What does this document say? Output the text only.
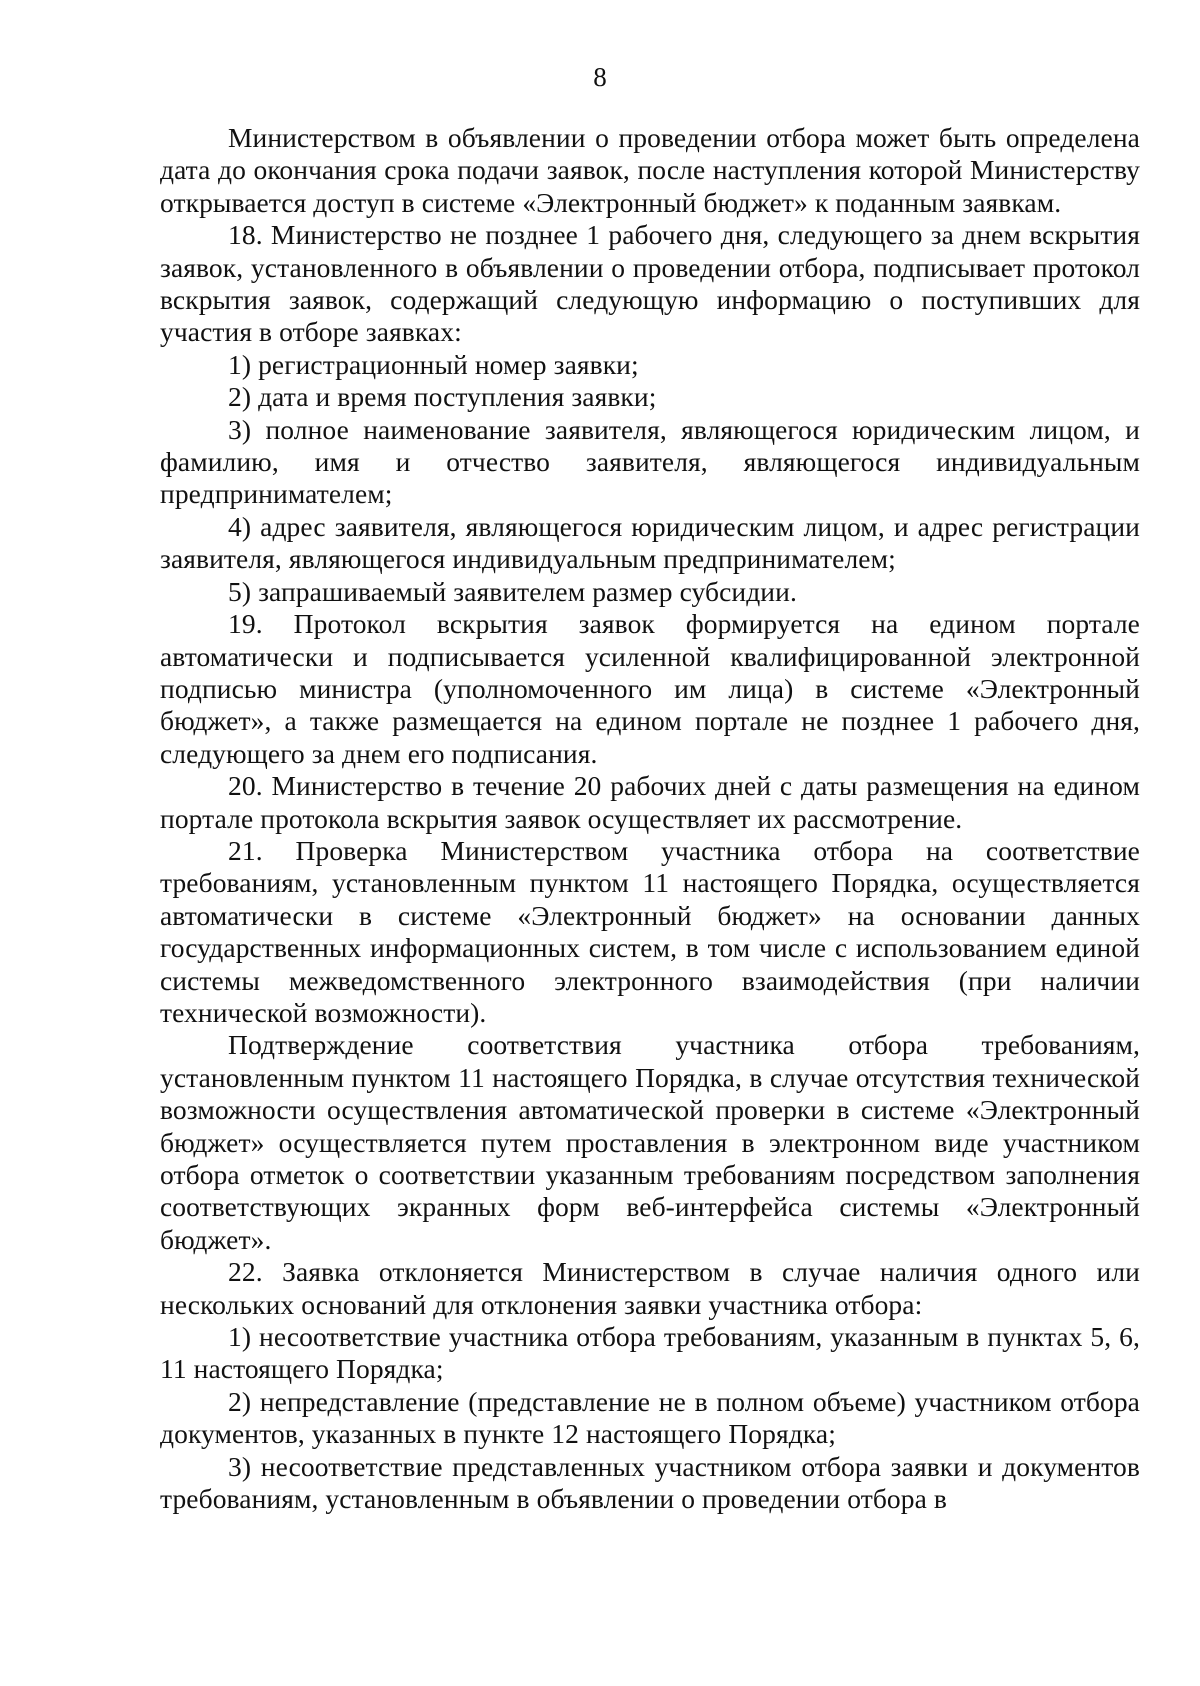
8

Министерством в объявлении о проведении отбора может быть определена дата до окончания срока подачи заявок, после наступления которой Министерству открывается доступ в системе «Электронный бюджет» к поданным заявкам.

18. Министерство не позднее 1 рабочего дня, следующего за днем вскрытия заявок, установленного в объявлении о проведении отбора, подписывает протокол вскрытия заявок, содержащий следующую информацию о поступивших для участия в отборе заявках:

1) регистрационный номер заявки;

2) дата и время поступления заявки;

3) полное наименование заявителя, являющегося юридическим лицом, и фамилию, имя и отчество заявителя, являющегося индивидуальным предпринимателем;

4) адрес заявителя, являющегося юридическим лицом, и адрес регистрации заявителя, являющегося индивидуальным предпринимателем;

5) запрашиваемый заявителем размер субсидии.

19. Протокол вскрытия заявок формируется на едином портале автоматически и подписывается усиленной квалифицированной электронной подписью министра (уполномоченного им лица) в системе «Электронный бюджет», а также размещается на едином портале не позднее 1 рабочего дня, следующего за днем его подписания.

20. Министерство в течение 20 рабочих дней с даты размещения на едином портале протокола вскрытия заявок осуществляет их рассмотрение.

21. Проверка Министерством участника отбора на соответствие требованиям, установленным пунктом 11 настоящего Порядка, осуществляется автоматически в системе «Электронный бюджет» на основании данных государственных информационных систем, в том числе с использованием единой системы межведомственного электронного взаимодействия (при наличии технической возможности).

Подтверждение соответствия участника отбора требованиям, установленным пунктом 11 настоящего Порядка, в случае отсутствия технической возможности осуществления автоматической проверки в системе «Электронный бюджет» осуществляется путем проставления в электронном виде участником отбора отметок о соответствии указанным требованиям посредством заполнения соответствующих экранных форм веб-интерфейса системы «Электронный бюджет».

22. Заявка отклоняется Министерством в случае наличия одного или нескольких оснований для отклонения заявки участника отбора:

1) несоответствие участника отбора требованиям, указанным в пунктах 5, 6, 11 настоящего Порядка;

2) непредставление (представление не в полном объеме) участником отбора документов, указанных в пункте 12 настоящего Порядка;

3) несоответствие представленных участником отбора заявки и документов требованиям, установленным в объявлении о проведении отбора в
